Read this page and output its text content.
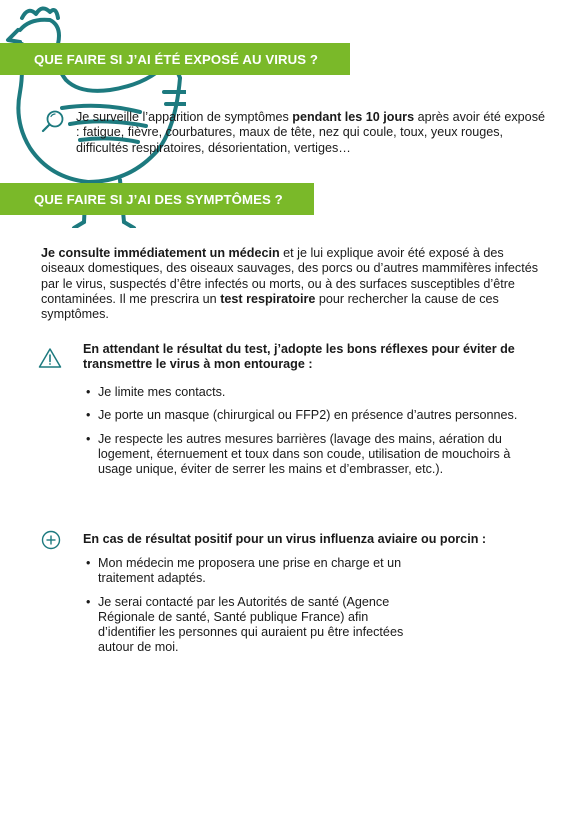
QUE FAIRE SI J’AI ÉTÉ EXPOSÉ AU VIRUS ?
Je surveille l’apparition de symptômes pendant les 10 jours après avoir été exposé : fatigue, fièvre, courbatures, maux de tête, nez qui coule, toux, yeux rouges, difficultés respiratoires, désorientation, vertiges…
QUE FAIRE SI J’AI DES SYMPTÔMES ?
Je consulte immédiatement un médecin et je lui explique avoir été exposé à des oiseaux domestiques, des oiseaux sauvages, des porcs ou d’autres mammifères infectés par le virus, suspectés d’être infectés ou morts, ou à des surfaces susceptibles d’être contaminées. Il me prescrira un test respiratoire pour rechercher la cause de ces symptômes.
En attendant le résultat du test, j’adopte les bons réflexes pour éviter de transmettre le virus à mon entourage :
• Je limite mes contacts.
• Je porte un masque (chirurgical ou FFP2) en présence d’autres personnes.
• Je respecte les autres mesures barrières (lavage des mains, aération du logement, éternuement et toux dans son coude, utilisation de mouchoirs à usage unique, éviter de serrer les mains et d’embrasser, etc.).
En cas de résultat positif pour un virus influenza aviaire ou porcin :
• Mon médecin me proposera une prise en charge et un traitement adaptés.
• Je serai contacté par les Autorités de santé (Agence Régionale de santé, Santé publique France) afin d’identifier les personnes qui auraient pu être infectées autour de moi.
